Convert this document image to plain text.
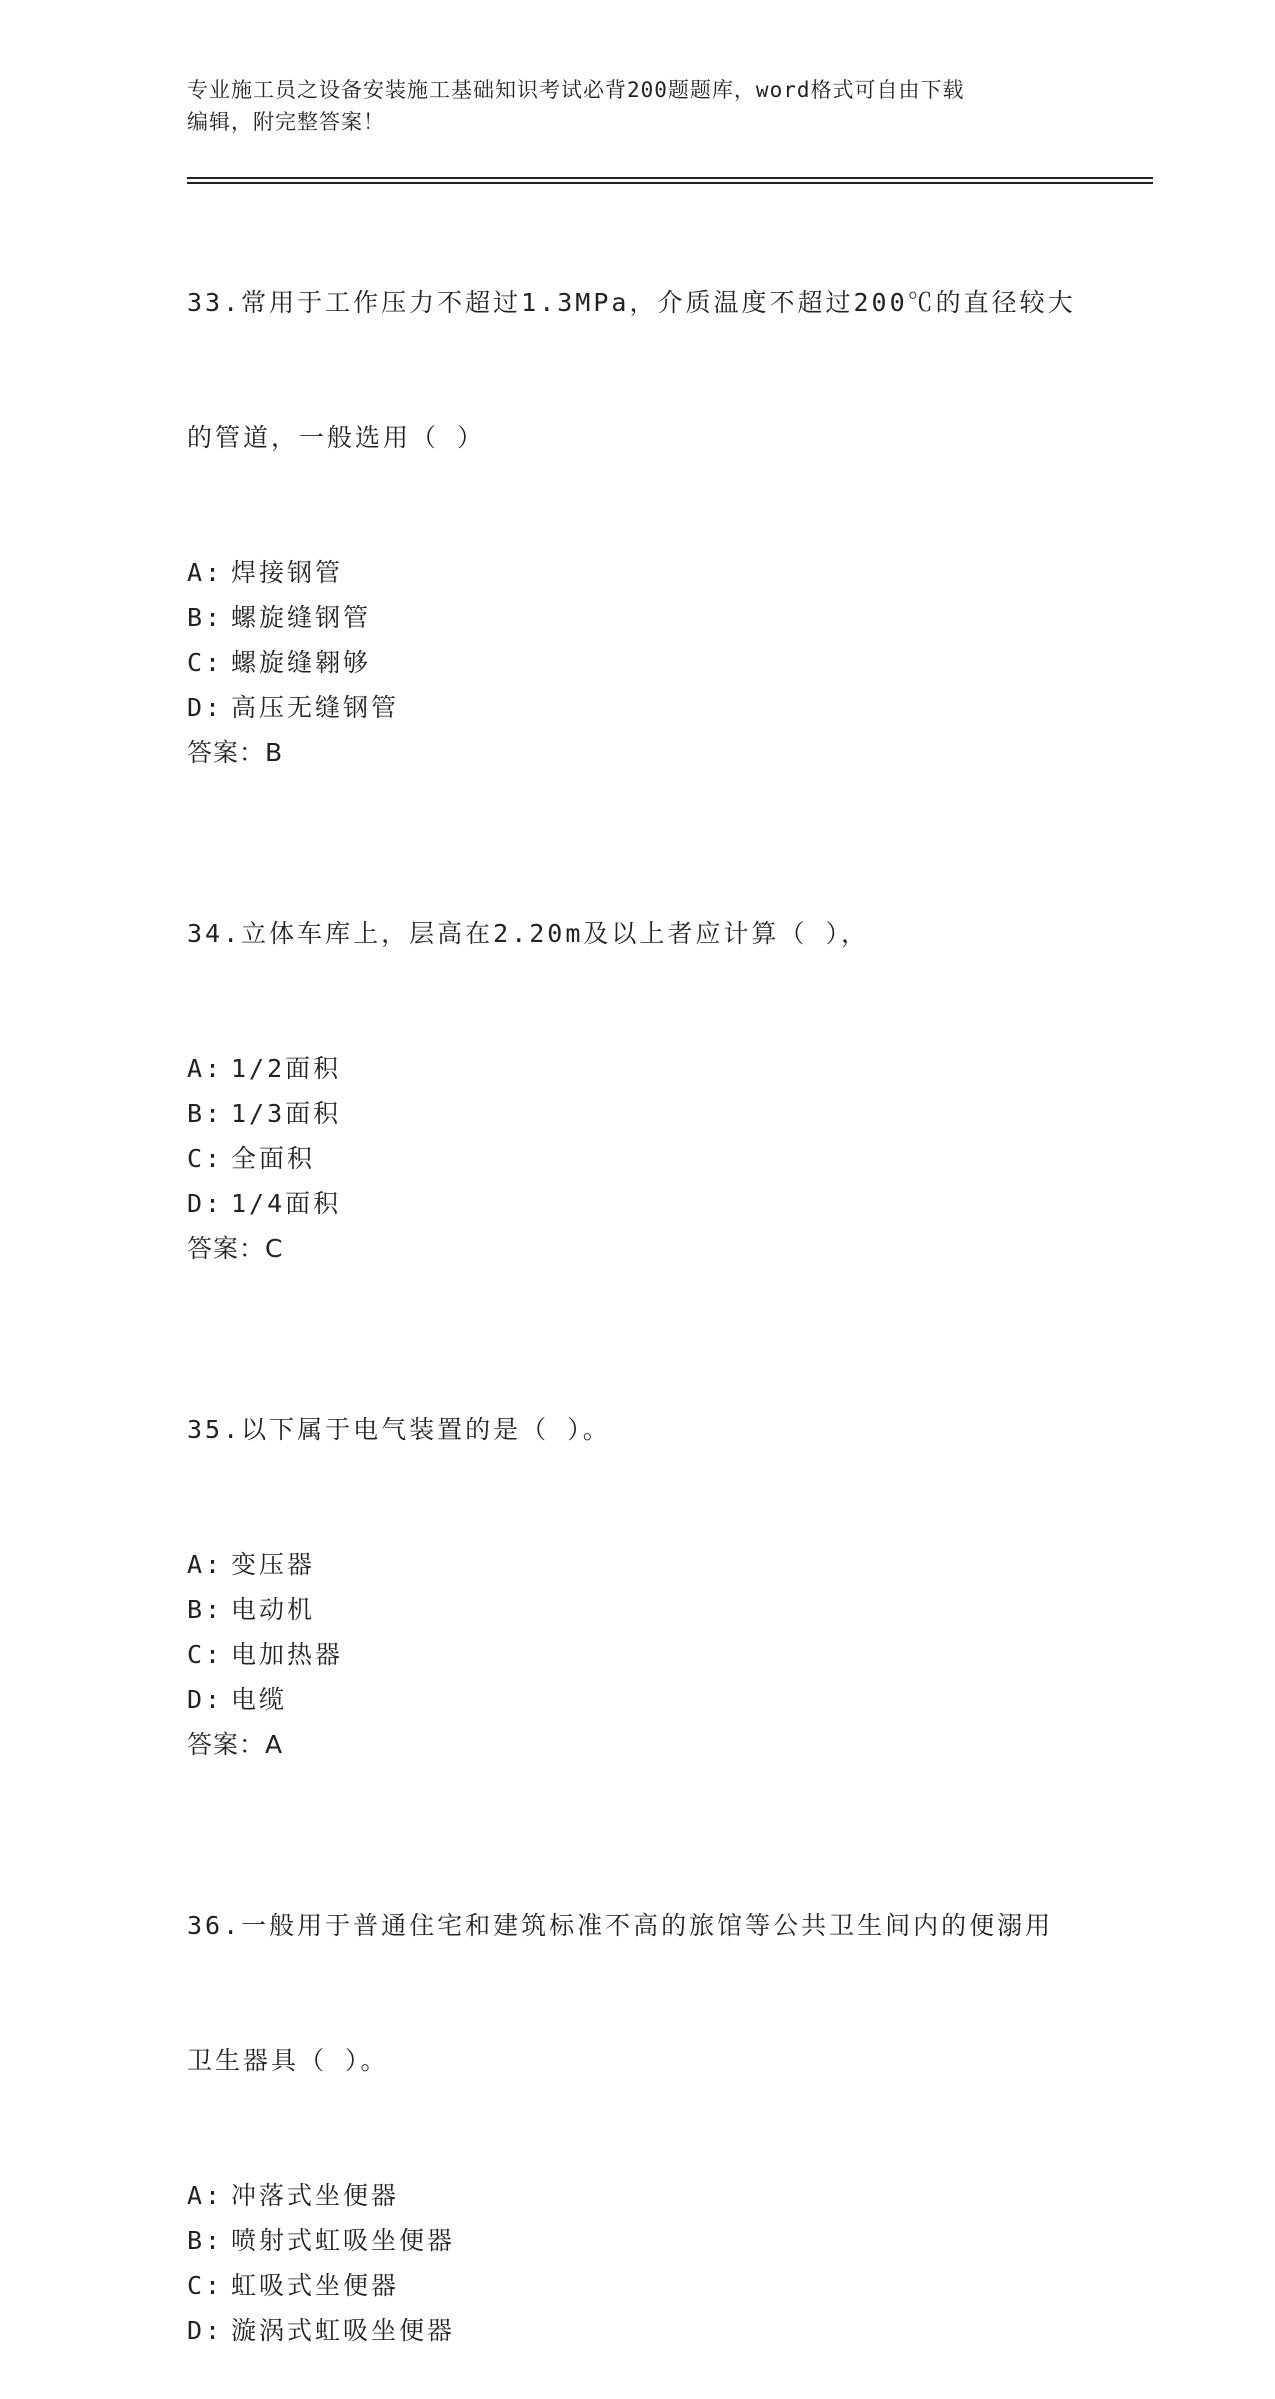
专业施工员之设备安装施工基础知识考试必背200题题库，word格式可自由下载
编辑，附完整答案！

33.常用于工作压力不超过1.3MPa，介质温度不超过200℃的直径较大

的管道，一般选用（ ）

A: 焊接钢管
B: 螺旋缝钢管
C: 螺旋缝翱够
D: 高压无缝钢管
答案：B

34.立体车库上，层高在2.20m及以上者应计算（ ），

A: 1/2面积
B: 1/3面积
C: 全面积
D: 1/4面积
答案：C

35.以下属于电气装置的是（ ）。

A: 变压器
B: 电动机
C: 电加热器
D: 电缆
答案：A

36.一般用于普通住宅和建筑标准不高的旅馆等公共卫生间内的便溺用

卫生器具（ ）。

A: 冲落式坐便器
B: 喷射式虹吸坐便器
C: 虹吸式坐便器
D: 漩涡式虹吸坐便器
